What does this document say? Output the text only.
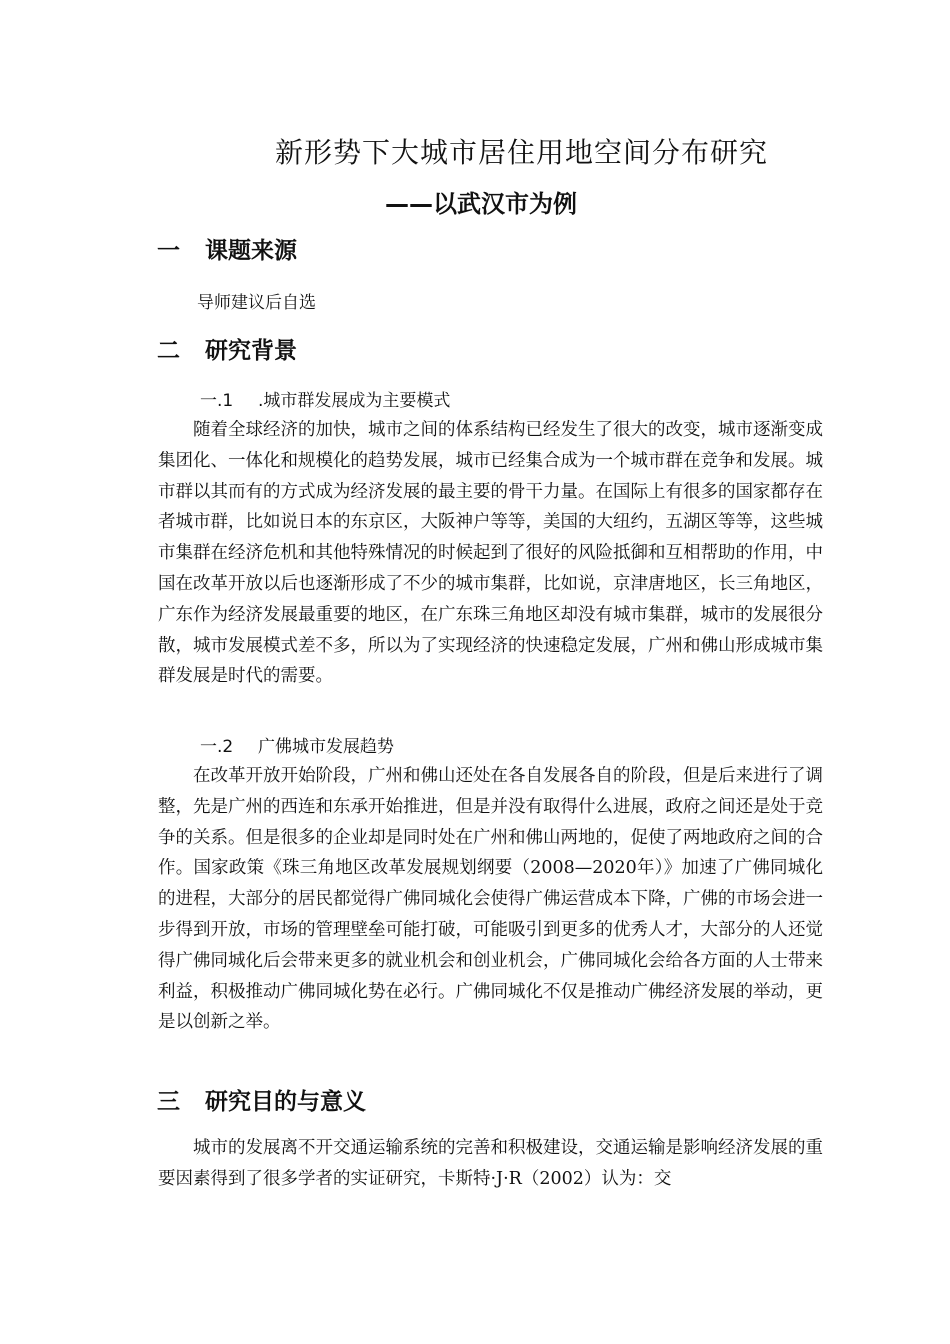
新形势下大城市居住用地空间分布研究
——以武汉市为例
一 课题来源
导师建议后自选
二 研究背景
一.1 .城市群发展成为主要模式

随着全球经济的加快，城市之间的体系结构已经发生了很大的改变，城市逐渐变成集团化、一体化和规模化的趋势发展，城市已经集合成为一个城市群在竞争和发展。城市群以其而有的方式成为经济发展的最主要的骨干力量。在国际上有很多的国家都存在者城市群，比如说日本的东京区，大阪神户等等，美国的大纽约，五湖区等等，这些城市集群在经济危机和其他特殊情况的时候起到了很好的风险抵御和互相帮助的作用，中国在改革开放以后也逐渐形成了不少的城市集群，比如说，京津唐地区，长三角地区，广东作为经济发展最重要的地区，在广东珠三角地区却没有城市集群，城市的发展很分散，城市发展模式差不多，所以为了实现经济的快速稳定发展，广州和佛山形成城市集群发展是时代的需要。

一.2 广佛城市发展趋势

在改革开放开始阶段，广州和佛山还处在各自发展各自的阶段，但是后来进行了调整，先是广州的西连和东承开始推进，但是并没有取得什么进展，政府之间还是处于竞争的关系。但是很多的企业却是同时处在广州和佛山两地的，促使了两地政府之间的合作。国家政策《珠三角地区改革发展规划纲要（2008—2020年）》加速了广佛同城化的进程，大部分的居民都觉得广佛同城化会使得广佛运营成本下降，广佛的市场会进一步得到开放，市场的管理壁垒可能打破，可能吸引到更多的优秀人才，大部分的人还觉得广佛同城化后会带来更多的就业机会和创业机会，广佛同城化会给各方面的人士带来利益，积极推动广佛同城化势在必行。广佛同城化不仅是推动广佛经济发展的举动，更是以创新之举。

三 研究目的与意义

城市的发展离不开交通运输系统的完善和积极建设，交通运输是影响经济发展的重要因素得到了很多学者的实证研究，卡斯特·J·R（2002）认为：交
